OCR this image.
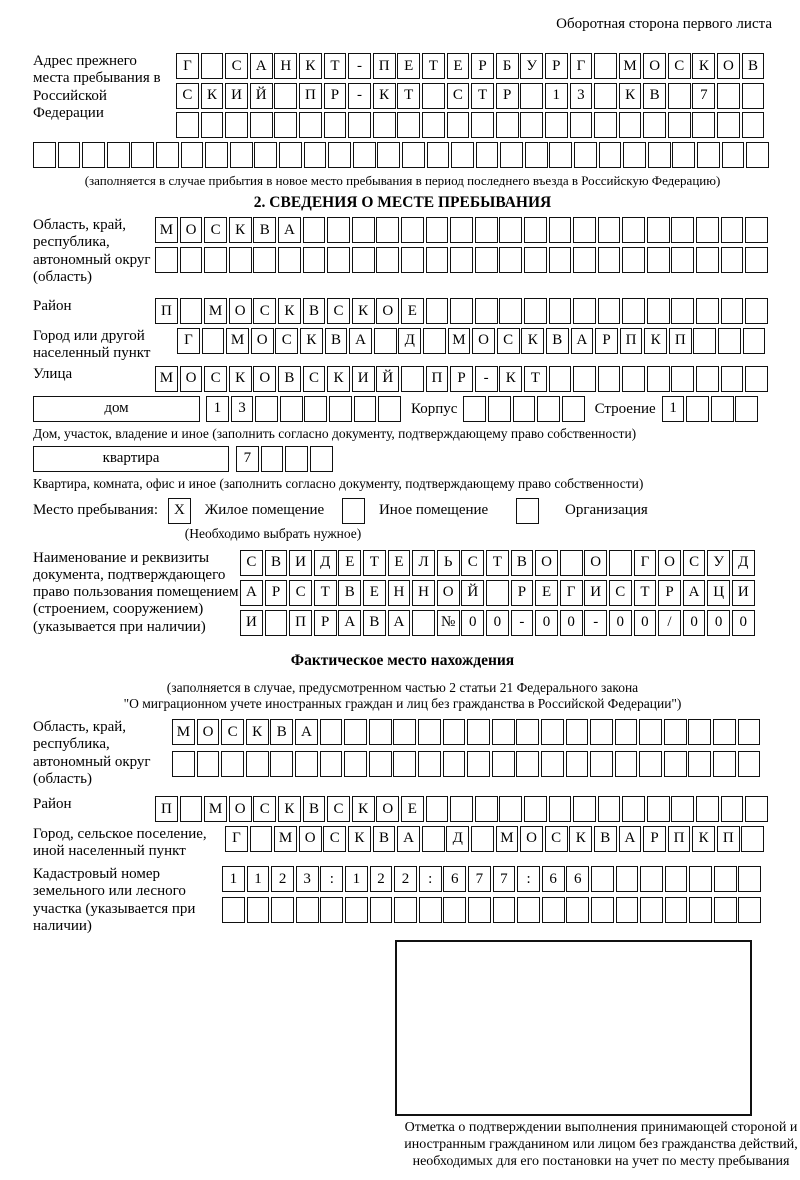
Оборотная сторона первого листа
Адрес прежнего места пребывания в Российской Федерации
Г	С А Н К	Т	-	П Е	Т	Е	Р	Б У	Р	Г	М О С К О В
С К И Й	П	Р	-	К	Т	С	Т	Р	1	3	К В	7
(заполняется в случае прибытия в новое место пребывания в период последнего въезда в Российскую Федерацию)
2. СВЕДЕНИЯ О МЕСТЕ ПРЕБЫВАНИЯ
Область, край, республика, автономный округ (область)
М О С К В А
Район	П	М О С К В С К О Е
Город или другой населенный пункт
Г	М О С К В А	Д	М О С К В А	Р	П К П
Улица	М О С К О В С К И Й	П	Р	-	К	Т
дом	1	3	Корпус	Строение 1
Дом, участок, владение и иное (заполнить согласно документу, подтверждающему право собственности)
квартира	7
Квартира, комната, офис и иное (заполнить согласно документу, подтверждающему право собственности)
Место пребывания:	X	Жилое помещение	Иное помещение	Организация
(Необходимо выбрать нужное)
Наименование и реквизиты документа, подтверждающего право пользования помещением (строением, сооружением) (указывается при наличии)
С В И Д Е	Т	Е Л	Ь	С	Т	В О	О	Г О С У Д
А	Р	С	Т	В	Е Н Н О Й	Р	Е	Г И С	Т	Р	А Ц И
И	П	Р	А В А	№ 0	0	-	0	0	-	0	0	/	0	0	0
Фактическое место нахождения
(заполняется в случае, предусмотренном частью 2 статьи 21 Федерального закона
"О миграционном учете иностранных граждан и лиц без гражданства в Российской Федерации")
Область, край, республика, автономный округ (область)
М О С К В А
Район	П	М О С К В С К О Е
Город, сельское поселение, иной населенный пункт
Г	М О С К В А	Д	М О С К В А	Р	П К П
Кадастровый номер земельного или лесного участка (указывается при наличии)
1	1	2	3	:	1	2	2	:	6	7	7	:	6	6
Отметка о подтверждении выполнения принимающей стороной и иностранным гражданином или лицом без гражданства действий, необходимых для его постановки на учет по месту пребывания
